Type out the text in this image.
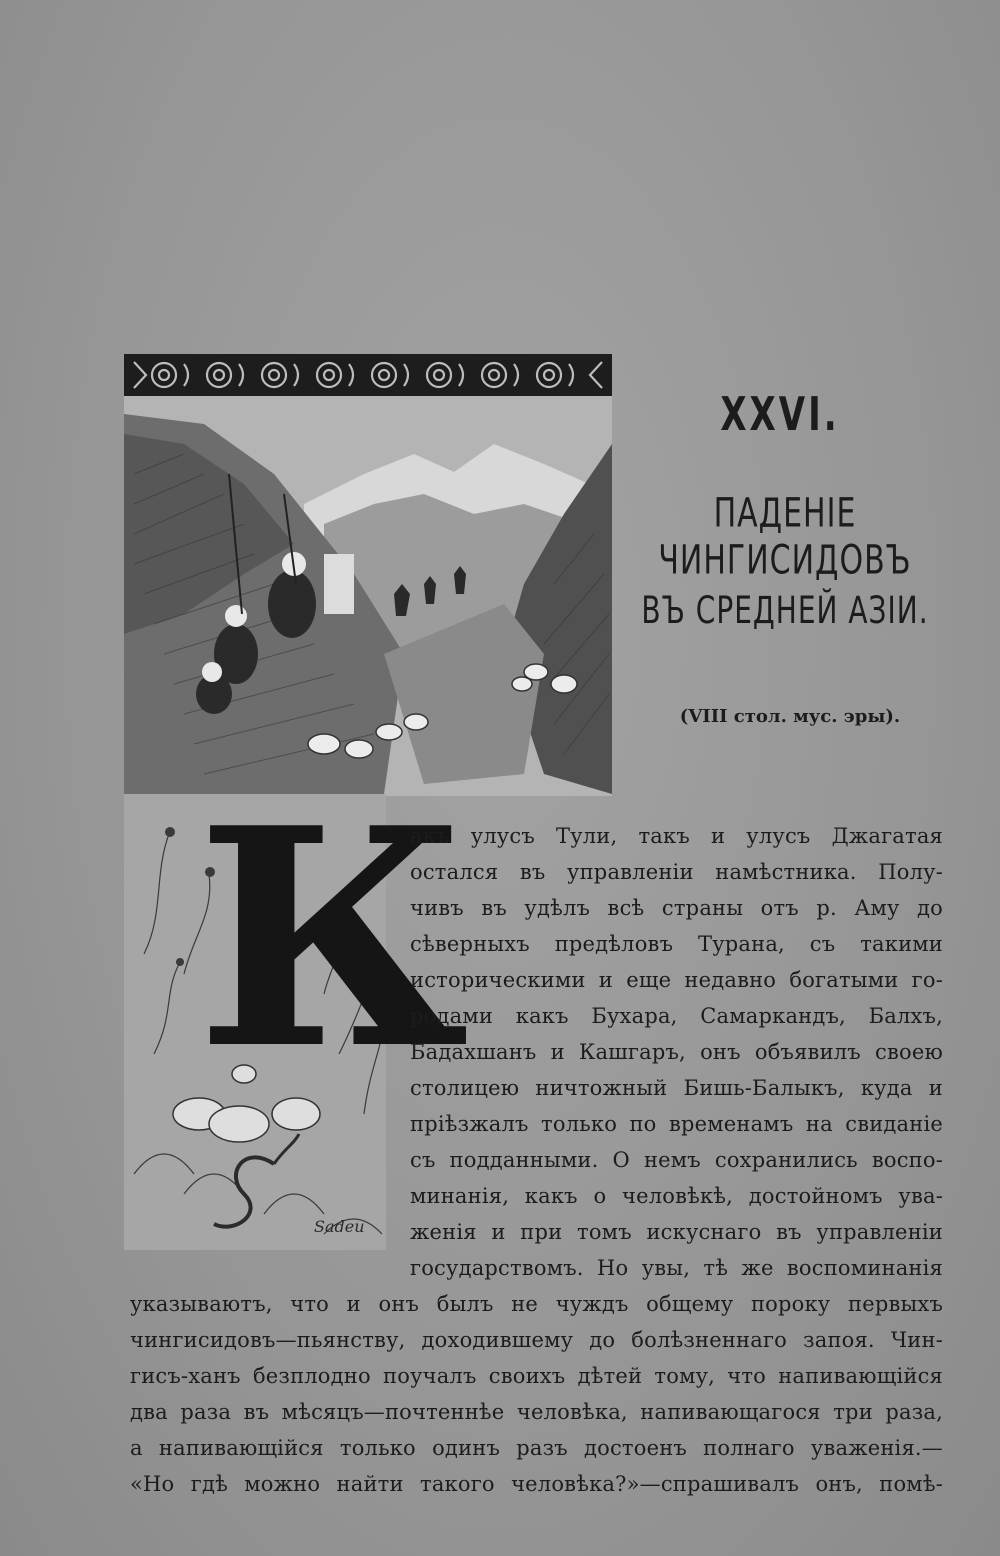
К
Sadeu
XXVI.
ПАДЕНІЕ ЧИНГИСИДОВЪ
ВЪ СРЕДНЕЙ АЗІИ.
(VIII стол. мус. эры).
акъ улусъ Тули, такъ и улусъ Джагатая
остался въ управленіи намѣстника. Полу-
чивъ въ удѣлъ всѣ страны отъ р. Аму до
сѣверныхъ предѣловъ Турана, съ такими
историческими и еще недавно богатыми го-
родами какъ Бухара, Самаркандъ, Балхъ,
Бадахшанъ и Кашгаръ, онъ объявилъ своею
столицею ничтожный Бишь-Балыкъ, куда и
пріѣзжалъ только по временамъ на свиданіе
съ подданными. О немъ сохранились воспо-
минанія, какъ о человѣкѣ, достойномъ ува-
женія и при томъ искуснаго въ управленіи
государствомъ. Но увы, тѣ же воспоминанія
указываютъ, что и онъ былъ не чуждъ общему пороку первыхъ
чингисидовъ—пьянству, доходившему до болѣзненнаго запоя. Чин-
гисъ-ханъ безплодно поучалъ своихъ дѣтей тому, что напивающійся
два раза въ мѣсяцъ—почтеннѣе человѣка, напивающагося три раза,
а напивающійся только одинъ разъ достоенъ полнаго уваженія.—
«Но гдѣ можно найти такого человѣка?»—спрашивалъ онъ, помѣ-
